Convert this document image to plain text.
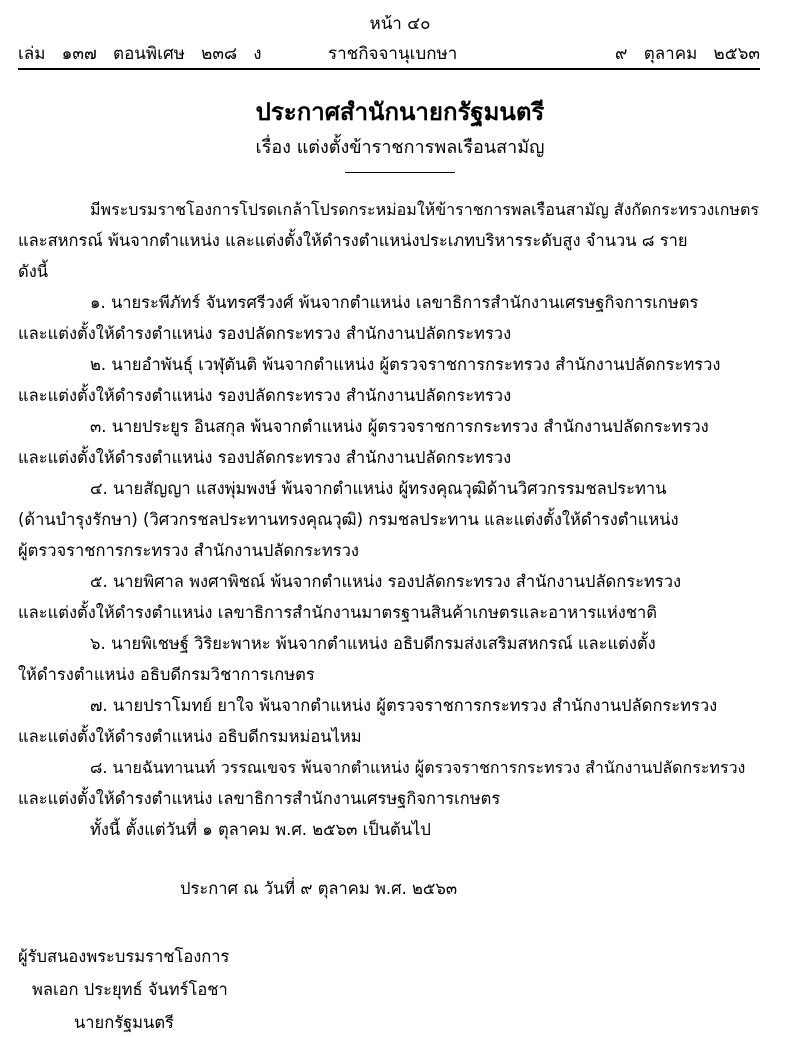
หน้า ๔๐
เล่ม   ๑๓๗   ตอนพิเศษ   ๒๓๘   ง	ราชกิจจานุเบกษา	๙   ตุลาคม   ๒๕๖๓
ประกาศสำนักนายกรัฐมนตรี
เรื่อง แต่งตั้งข้าราชการพลเรือนสามัญ
มีพระบรมราชโองการโปรดเกล้าโปรดกระหม่อมให้ข้าราชการพลเรือนสามัญ สังกัดกระทรวงเกษตร
และสหกรณ์ พ้นจากตำแหน่ง และแต่งตั้งให้ดำรงตำแหน่งประเภทบริหารระดับสูง จำนวน ๘ ราย
ดังนี้
๑. นายระพีภัทร์ จันทรศรีวงศ์ พ้นจากตำแหน่ง เลขาธิการสำนักงานเศรษฐกิจการเกษตร
และแต่งตั้งให้ดำรงตำแหน่ง รองปลัดกระทรวง สำนักงานปลัดกระทรวง
๒. นายอำพันธุ์ เวฬุตันติ พ้นจากตำแหน่ง ผู้ตรวจราชการกระทรวง สำนักงานปลัดกระทรวง
และแต่งตั้งให้ดำรงตำแหน่ง รองปลัดกระทรวง สำนักงานปลัดกระทรวง
๓. นายประยูร อินสกุล พ้นจากตำแหน่ง ผู้ตรวจราชการกระทรวง สำนักงานปลัดกระทรวง
และแต่งตั้งให้ดำรงตำแหน่ง รองปลัดกระทรวง สำนักงานปลัดกระทรวง
๔. นายสัญญา แสงพุ่มพงษ์ พ้นจากตำแหน่ง ผู้ทรงคุณวุฒิด้านวิศวกรรมชลประทาน
(ด้านบำรุงรักษา) (วิศวกรชลประทานทรงคุณวุฒิ) กรมชลประทาน และแต่งตั้งให้ดำรงตำแหน่ง
ผู้ตรวจราชการกระทรวง สำนักงานปลัดกระทรวง
๕. นายพิศาล พงศาพิชณ์ พ้นจากตำแหน่ง รองปลัดกระทรวง สำนักงานปลัดกระทรวง
และแต่งตั้งให้ดำรงตำแหน่ง เลขาธิการสำนักงานมาตรฐานสินค้าเกษตรและอาหารแห่งชาติ
๖. นายพิเชษฐ์ วิริยะพาหะ พ้นจากตำแหน่ง อธิบดีกรมส่งเสริมสหกรณ์ และแต่งตั้ง
ให้ดำรงตำแหน่ง อธิบดีกรมวิชาการเกษตร
๗. นายปราโมทย์ ยาใจ พ้นจากตำแหน่ง ผู้ตรวจราชการกระทรวง สำนักงานปลัดกระทรวง
และแต่งตั้งให้ดำรงตำแหน่ง อธิบดีกรมหม่อนไหม
๘. นายฉันทานนท์ วรรณเขจร พ้นจากตำแหน่ง ผู้ตรวจราชการกระทรวง สำนักงานปลัดกระทรวง
และแต่งตั้งให้ดำรงตำแหน่ง เลขาธิการสำนักงานเศรษฐกิจการเกษตร
ทั้งนี้ ตั้งแต่วันที่ ๑ ตุลาคม พ.ศ. ๒๕๖๓ เป็นต้นไป
ประกาศ ณ วันที่ ๙ ตุลาคม พ.ศ. ๒๕๖๓
ผู้รับสนองพระบรมราชโองการ
พลเอก ประยุทธ์ จันทร์โอชา
นายกรัฐมนตรี
